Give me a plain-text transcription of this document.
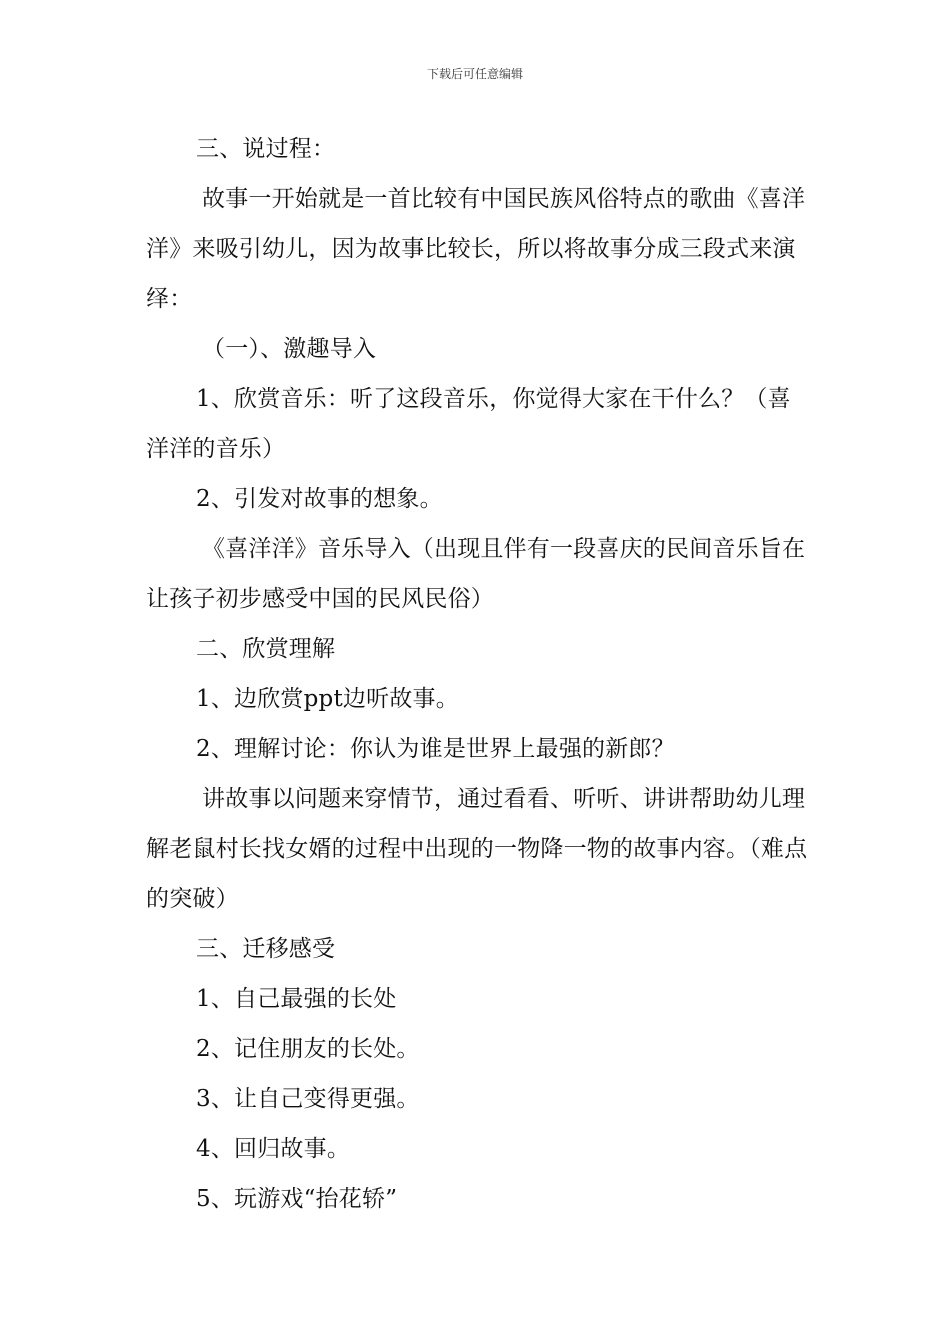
下载后可任意编辑

三、说过程：

故事一开始就是一首比较有中国民族风俗特点的歌曲《喜洋洋》来吸引幼儿，因为故事比较长，所以将故事分成三段式来演绎：

（一）、激趣导入

1、欣赏音乐：听了这段音乐，你觉得大家在干什么？（喜洋洋的音乐）

2、引发对故事的想象。

《喜洋洋》音乐导入（出现且伴有一段喜庆的民间音乐旨在让孩子初步感受中国的民风民俗）

二、欣赏理解

1、边欣赏ppt边听故事。

2、理解讨论：你认为谁是世界上最强的新郎？

讲故事以问题来穿情节，通过看看、听听、讲讲帮助幼儿理解老鼠村长找女婿的过程中出现的一物降一物的故事内容。（难点的突破）

三、迁移感受

1、自己最强的长处

2、记住朋友的长处。

3、让自己变得更强。

4、回归故事。

5、玩游戏“抬花轿”
